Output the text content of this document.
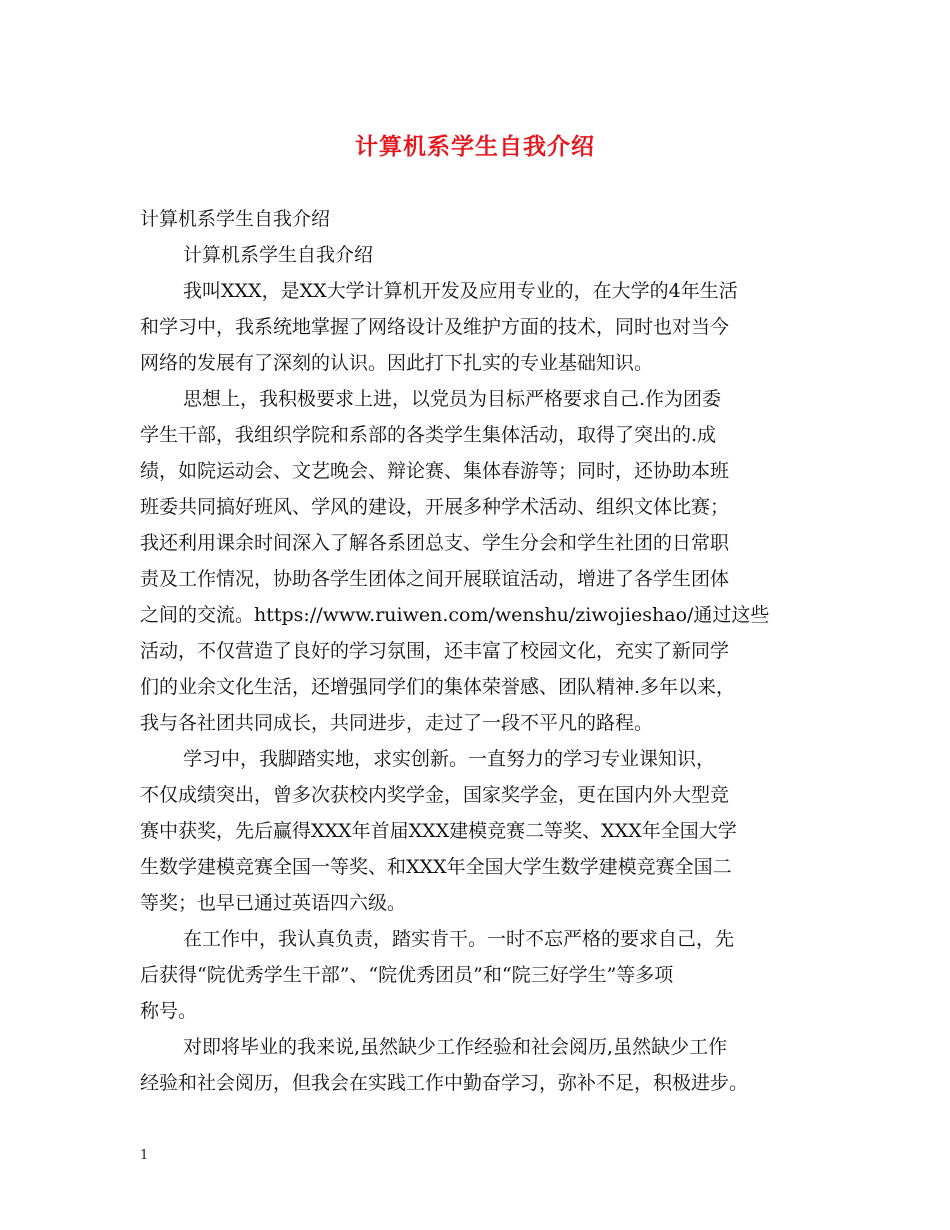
计算机系学生自我介绍

计算机系学生自我介绍

计算机系学生自我介绍

我叫XXX，是XX大学计算机开发及应用专业的，在大学的4年生活

和学习中，我系统地掌握了网络设计及维护方面的技术，同时也对当今

网络的发展有了深刻的认识。因此打下扎实的专业基础知识。

思想上，我积极要求上进，以党员为目标严格要求自己.作为团委

学生干部，我组织学院和系部的各类学生集体活动，取得了突出的.成

绩，如院运动会、文艺晚会、辩论赛、集体春游等；同时，还协助本班

班委共同搞好班风、学风的建设，开展多种学术活动、组织文体比赛；

我还利用课余时间深入了解各系团总支、学生分会和学生社团的日常职

责及工作情况，协助各学生团体之间开展联谊活动，增进了各学生团体

之间的交流。https://www.ruiwen.com/wenshu/ziwojieshao/通过这些

活动，不仅营造了良好的学习氛围，还丰富了校园文化，充实了新同学

们的业余文化生活，还增强同学们的集体荣誉感、团队精神.多年以来，

我与各社团共同成长，共同进步，走过了一段不平凡的路程。

学习中，我脚踏实地，求实创新。一直努力的学习专业课知识，

不仅成绩突出，曾多次获校内奖学金，国家奖学金，更在国内外大型竞

赛中获奖，先后赢得XXX年首届XXX建模竞赛二等奖、XXX年全国大学

生数学建模竞赛全国一等奖、和XXX年全国大学生数学建模竞赛全国二

等奖；也早已通过英语四六级。

在工作中，我认真负责，踏实肯干。一时不忘严格的要求自己，先

后获得“院优秀学生干部”、“院优秀团员”和“院三好学生”等多项

称号。

对即将毕业的我来说,虽然缺少工作经验和社会阅历,虽然缺少工作

经验和社会阅历，但我会在实践工作中勤奋学习，弥补不足，积极进步。

1
